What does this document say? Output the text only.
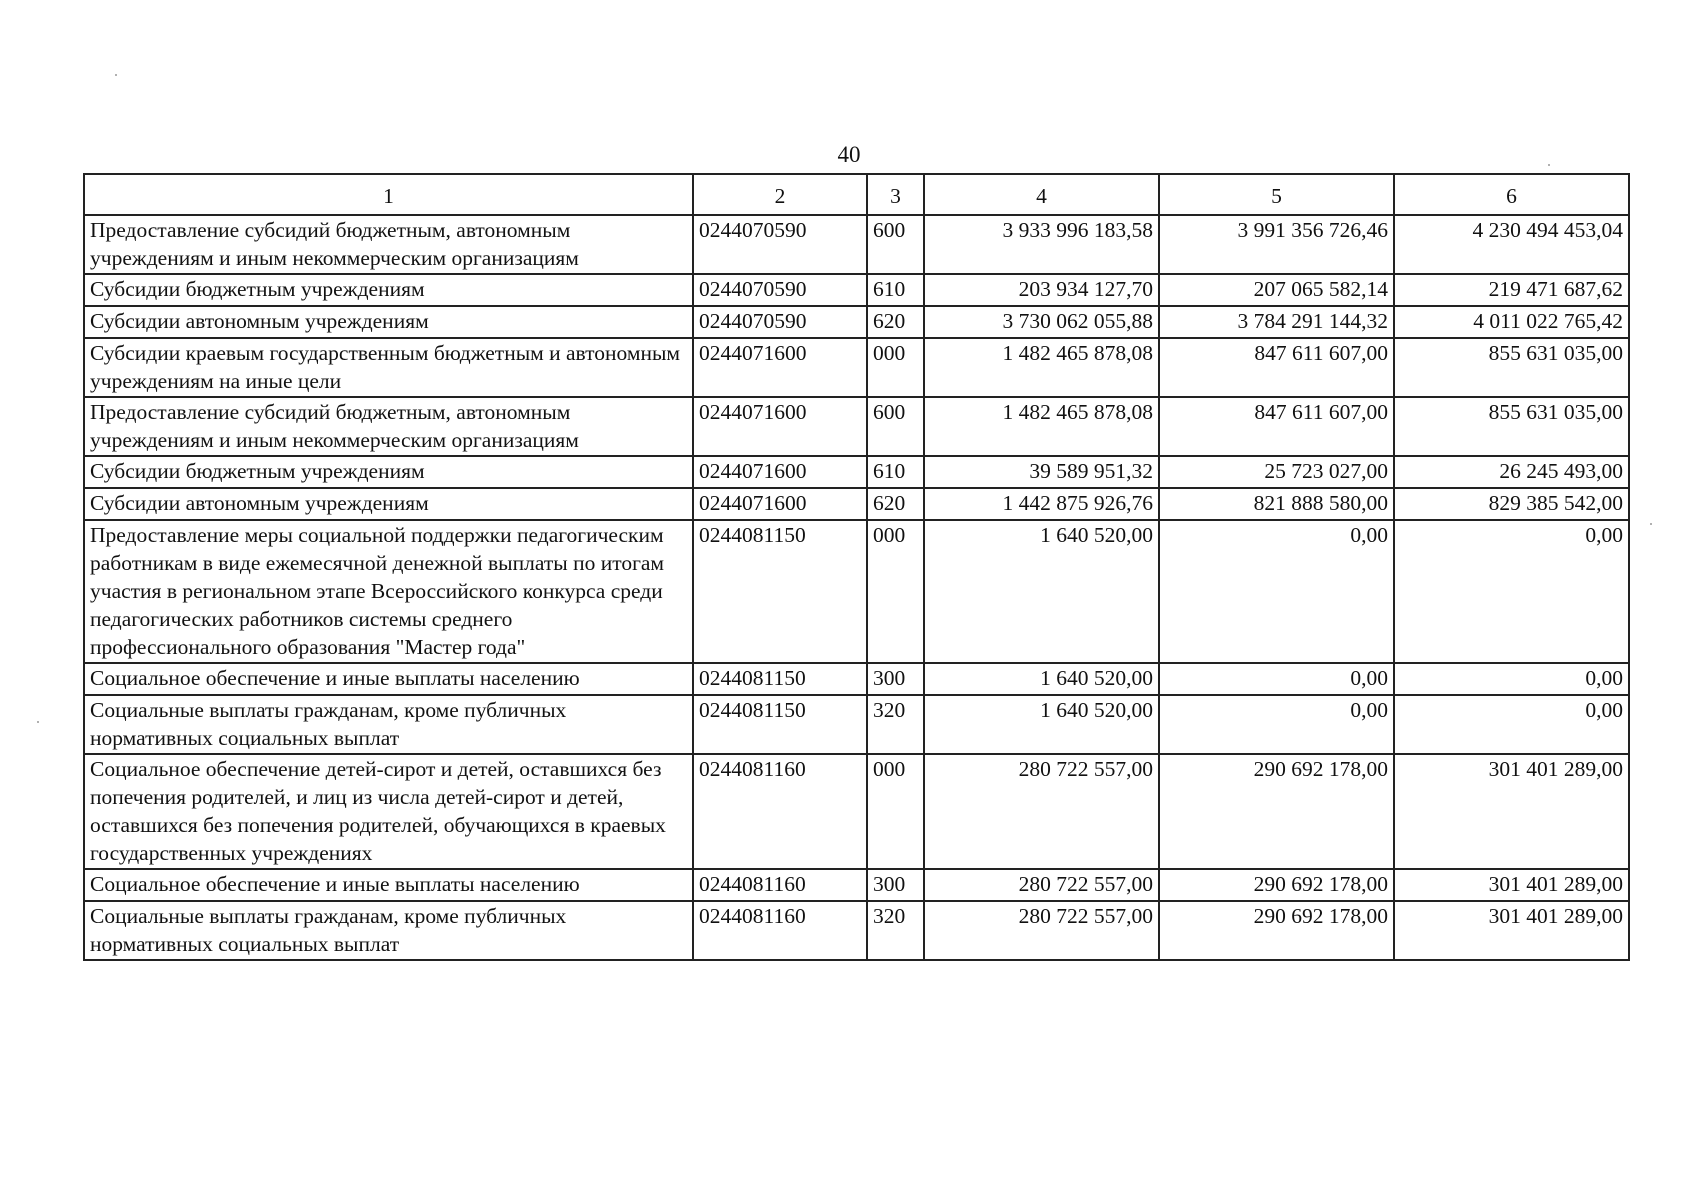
40
1	2	3	4	5	6
Предоставление субсидий бюджетным, автономным учреждениям и иным некоммерческим организациям	0244070590	600	3 933 996 183,58	3 991 356 726,46	4 230 494 453,04
Субсидии бюджетным учреждениям	0244070590	610	203 934 127,70	207 065 582,14	219 471 687,62
Субсидии автономным учреждениям	0244070590	620	3 730 062 055,88	3 784 291 144,32	4 011 022 765,42
Субсидии краевым государственным бюджетным и автономным учреждениям на иные цели	0244071600	000	1 482 465 878,08	847 611 607,00	855 631 035,00
Предоставление субсидий бюджетным, автономным учреждениям и иным некоммерческим организациям	0244071600	600	1 482 465 878,08	847 611 607,00	855 631 035,00
Субсидии бюджетным учреждениям	0244071600	610	39 589 951,32	25 723 027,00	26 245 493,00
Субсидии автономным учреждениям	0244071600	620	1 442 875 926,76	821 888 580,00	829 385 542,00
Предоставление меры социальной поддержки педагогическим работникам в виде ежемесячной денежной выплаты по итогам участия в региональном этапе Всероссийского конкурса среди педагогических работников системы среднего профессионального образования "Мастер года"	0244081150	000	1 640 520,00	0,00	0,00
Социальное обеспечение и иные выплаты населению	0244081150	300	1 640 520,00	0,00	0,00
Социальные выплаты гражданам, кроме публичных нормативных социальных выплат	0244081150	320	1 640 520,00	0,00	0,00
Социальное обеспечение детей-сирот и детей, оставшихся без попечения родителей, и лиц из числа детей-сирот и детей, оставшихся без попечения родителей, обучающихся в краевых государственных учреждениях	0244081160	000	280 722 557,00	290 692 178,00	301 401 289,00
Социальное обеспечение и иные выплаты населению	0244081160	300	280 722 557,00	290 692 178,00	301 401 289,00
Социальные выплаты гражданам, кроме публичных нормативных социальных выплат	0244081160	320	280 722 557,00	290 692 178,00	301 401 289,00
